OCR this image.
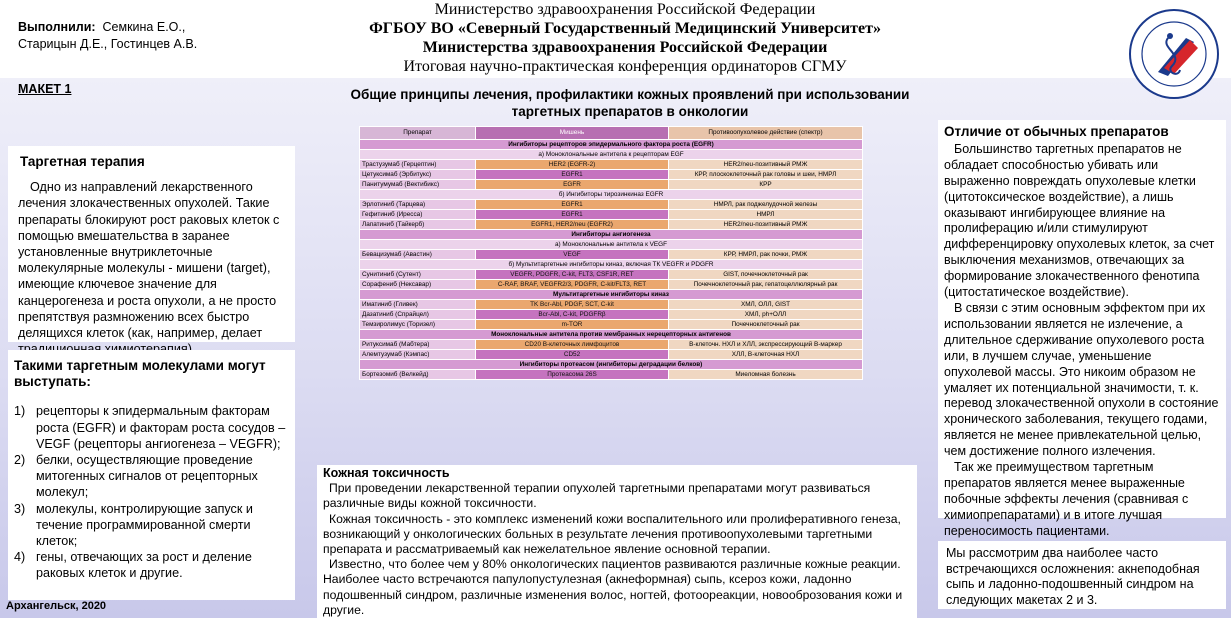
Выполнили: Семкина Е.О.,
Старицын Д.Е., Гостинцев А.В.
МАКЕТ 1
Министерство здравоохранения Российской Федерации
ФГБОУ ВО «Северный Государственный Медицинский Университет»
Министерства здравоохранения Российской Федерации
Итоговая научно-практическая конференция ординаторов СГМУ
Общие принципы лечения, профилактики кожных проявлений при использовании таргетных препаратов в онкологии
Таргетная терапия
Одно из направлений лекарственного лечения злокачественных опухолей. Такие препараты блокируют рост раковых клеток с помощью вмешательства в заранее установленные внутриклеточные молекулярные молекулы - мишени (target), имеющие ключевое значение для канцерогенеза и роста опухоли, а не просто препятствуя размножению всех быстро делящихся клеток (как, например, делает
Такими таргетным молекулами могут выступать:
1) рецепторы к эпидермальным факторам роста (EGFR) и факторам роста сосудов – VEGF (рецепторы ангиогенеза – VEGFR);
2) белки, осуществляющие проведение митогенных сигналов от рецепторных молекул;
3) молекулы, контролирующие запуск и течение программированной смерти клеток;
4) гены, отвечающих за рост и деление раковых клеток и другие.
Препарат	Мишень	Противоопухолевое действие (спектр)
Ингибиторы рецепторов эпидермального фактора роста (EGFR)		
а) Моноклональные антитела к рецепторам EGF		
Трастузумаб (Герцептин)	HER2 (EGFR-2)	HER2/neu-позитивный РМЖ
Цетуксимаб (Эрбитукс)	EGFR1	КРР, плоскоклеточный рак головы и шеи, НМРЛ
Панитумумаб (Вектибикс)	EGFR	КРР
б) Ингибиторы тирозинкиназ EGFR		
Эрлотиниб (Тарцева)	EGFR1	НМРЛ, рак поджелудочной железы
Гефитиниб (Иресса)	EGFR1	НМРЛ
Лапатиниб (Тайкерб)	EGFR1, HER2/neu (EGFR2)	HER2/neu-позитивный РМЖ
Ингибиторы ангиогенеза		
а) Моноклональные антитела к VEGF		
Бевацизумаб (Авастин)	VEGF	КРР, НМРЛ, рак почки, РМЖ
б) Мультитаргетные ингибиторы киназ, включая ТК VEGFR и PDGFR		
Сунитиниб (Сутент)	VEGFR, PDGFR, C-kit, FLT3, CSF1R, RET	GIST, почечноклеточный рак
Сорафениб (Нексавар)	C-RAF, BRAF, VEGFR2/3, PDGFR, C-kit/FLT3, RET	Почечноклеточный рак, гепатоцеллюлярный рак
Мультитаргетные ингибиторы киназ		
Иматиниб (Гливек)	TK Bcr-Abl, PDGF, SCT, C-kit	ХМЛ, ОЛЛ, GIST
Дазатиниб (Спрайцел)	Bcr-Abl, C-kit, PDGFRβ	ХМЛ, ph+ОЛЛ
Темзиролимус (Торизел)	m-TOR	Почечноклеточный рак
Моноклональные антитела против мембранных нерецепторных антигенов		
Ритуксимаб (Мабтера)	CD20 В-клеточных лимфоцитов	В-клеточн. НХЛ и ХЛЛ, экспрессирующий В-маркер
Алемтузумаб (Кэмпас)	CD52	ХЛЛ, В-клеточная НХЛ
Ингибиторы протеасом (ингибиторы деградации белков)		
Бортезомиб (Велкейд)	Протеасома 26S	Миеломная болезнь
Кожная токсичность
При проведении лекарственной терапии опухолей таргетными препаратами могут развиваться различные виды кожной токсичности.
Кожная токсичность - это комплекс изменений кожи воспалительного или пролиферативного генеза, возникающий у онкологических больных в результате лечения противоопухолевыми таргетными препарата и рассматриваемый как нежелательное явление основной терапии.
Известно, что более чем у 80% онкологических пациентов развиваются различные кожные реакции. Наиболее часто встречаются папулопустулезная (акнеформная) сыпь, ксероз кожи, ладонно подошвенный синдром, различные изменения волос, ногтей, фотоореакции, новооброзования кожи и другие.
Отличие от обычных препаратов
Большинство таргетных препаратов не обладает способностью убивать или выраженно повреждать опухолевые клетки (цитотоксическое воздействие), а лишь оказывают ингибирующее влияние на пролиферацию и/или стимулируют дифференцировку опухолевых клеток, за счет выключения механизмов, отвечающих за формирование злокачественного фенотипа (цитостатическое воздействие).
В связи с этим основным эффектом при их использовании является не излечение, а длительное сдерживание опухолевого роста или, в лучшем случае, уменьшение опухолевой массы. Это никоим образом не умаляет их потенциальной значимости, т. к. перевод злокачественной опухоли в состояние хронического заболевания, текущего годами, является не менее привлекательной целью, чем достижение полного излечения.
Так же преимуществом таргетным препаратов является менее выраженные побочные эффекты лечения (сравнивая с химиопрепаратами) и в итоге лучшая переносимость пациентами.
Мы рассмотрим два наиболее часто встречающихся осложнения: акнеподобная сыпь и ладонно-подошвенный синдром на следующих макетах 2 и 3.
Архангельск, 2020
